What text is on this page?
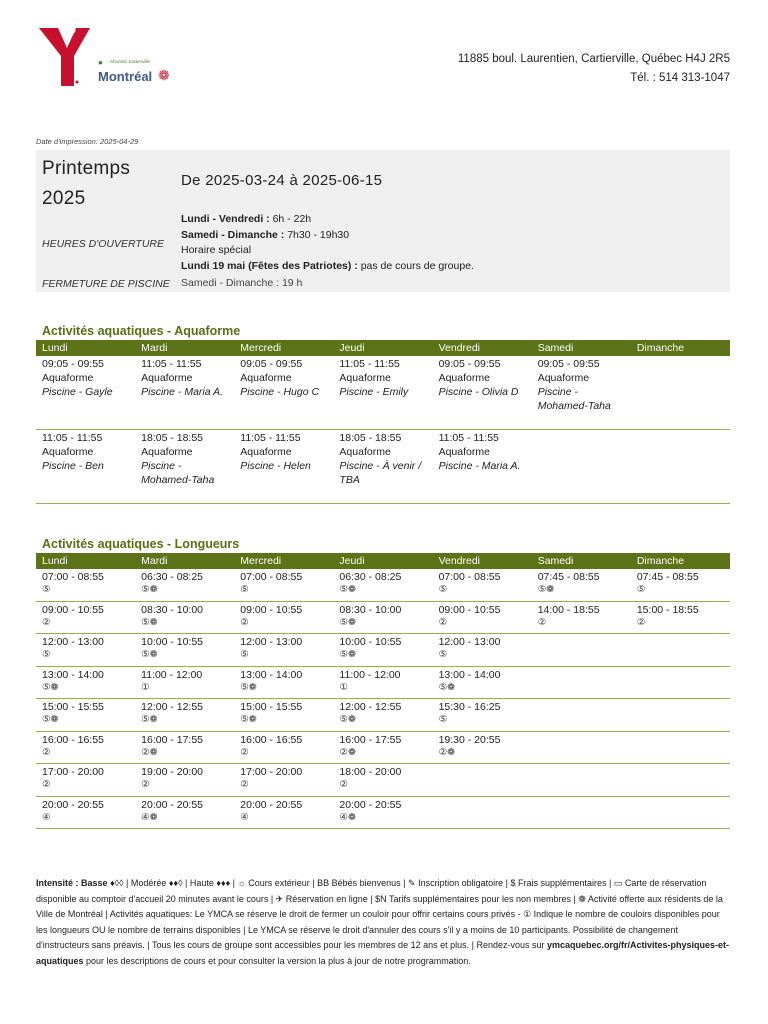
Ahuntsic-Cartierville
Montréal ❁
●	11885 boul. Laurentien, Cartierville, Québec H4J 2R5
Tél. : 514 313-1047
Date d'impression: 2025-04-29
Printemps
2025
De 2025-03-24 à 2025-06-15
HEURES D'OUVERTURE
FERMETURE DE PISCINE
Lundi - Vendredi : 6h - 22h
Samedi - Dimanche : 7h30 - 19h30
Horaire spécial
Lundi 19 mai (Fêtes des Patriotes) : pas de cours de groupe.
Samedi - Dimanche : 19 h
Activités aquatiques - Aquaforme
Lundi	Mardi	Mercredi	Jeudi	Vendredi	Samedi	Dimanche

09:05 - 09:55
Aquaforme
Piscine - Gayle	11:05 - 11:55
Aquaforme
Piscine - Maria A.	09:05 - 09:55
Aquaforme
Piscine - Hugo C	11:05 - 11:55
Aquaforme
Piscine - Emily	09:05 - 09:55
Aquaforme
Piscine - Olivia D	09:05 - 09:55
Aquaforme
Piscine - Mohamed-Taha	

11:05 - 11:55
Aquaforme
Piscine - Ben	18:05 - 18:55
Aquaforme
Piscine - Mohamed-Taha	11:05 - 11:55
Aquaforme
Piscine - Helen	18:05 - 18:55
Aquaforme
Piscine - À venir / TBA	11:05 - 11:55
Aquaforme
Piscine - Maria A.		

Activités aquatiques - Longueurs
Lundi	Mardi	Mercredi	Jeudi	Vendredi	Samedi	Dimanche

07:00 - 08:55
⑤	06:30 - 08:25
⑤❁	07:00 - 08:55
⑤	06:30 - 08:25
⑤❁	07:00 - 08:55
⑤	07:45 - 08:55
⑤❁	07:45 - 08:55
⑤

09:00 - 10:55
②	08:30 - 10:00
⑤❁	09:00 - 10:55
②	08:30 - 10:00
⑤❁	09:00 - 10:55
②	14:00 - 18:55
②	15:00 - 18:55
②

12:00 - 13:00
⑤	10:00 - 10:55
⑤❁	12:00 - 13:00
⑤	10:00 - 10:55
⑤❁	12:00 - 13:00
⑤		

13:00 - 14:00
⑤❁	11:00 - 12:00
①	13:00 - 14:00
⑤❁	11:00 - 12:00
①	13:00 - 14:00
⑤❁		

15:00 - 15:55
⑤❁	12:00 - 12:55
⑤❁	15:00 - 15:55
⑤❁	12:00 - 12:55
⑤❁	15:30 - 16:25
⑤		

16:00 - 16:55
②	16:00 - 17:55
②❁	16:00 - 16:55
②	16:00 - 17:55
②❁	19:30 - 20:55
②❁		

17:00 - 20:00
②	19:00 - 20:00
②	17:00 - 20:00
②	18:00 - 20:00
②			

20:00 - 20:55
④	20:00 - 20:55
④❁	20:00 - 20:55
④	20:00 - 20:55
④❁			

Intensité : Basse ♦◊◊ | Modérée ♦♦◊ | Haute ♦♦♦ | ☼ Cours extérieur | BB Bébés bienvenus | ✎ Inscription obligatoire | $ Frais supplémentaires | ▭ Carte de réservation disponible au comptoir d'accueil 20 minutes avant le cours | ✈ Réservation en ligne | $N Tarifs supplémentaires pour les non membres | ❁ Activité offerte aux résidents de la Ville de Montréal | Activités aquatiques: Le YMCA se réserve le droit de fermer un couloir pour offrir certains cours privés - ① Indique le nombre de couloirs disponibles pour les longueurs OU le nombre de terrains disponibles | Le YMCA se réserve le droit d'annuler des cours s'il y a moins de 10 participants. Possibilité de changement d'instructeurs sans préavis. | Tous les cours de groupe sont accessibles pour les membres de 12 ans et plus. | Rendez-vous sur ymcaquebec.org/fr/Activites-physiques-et-aquatiques pour les descriptions de cours et pour consulter la version la plus à jour de notre programmation.
